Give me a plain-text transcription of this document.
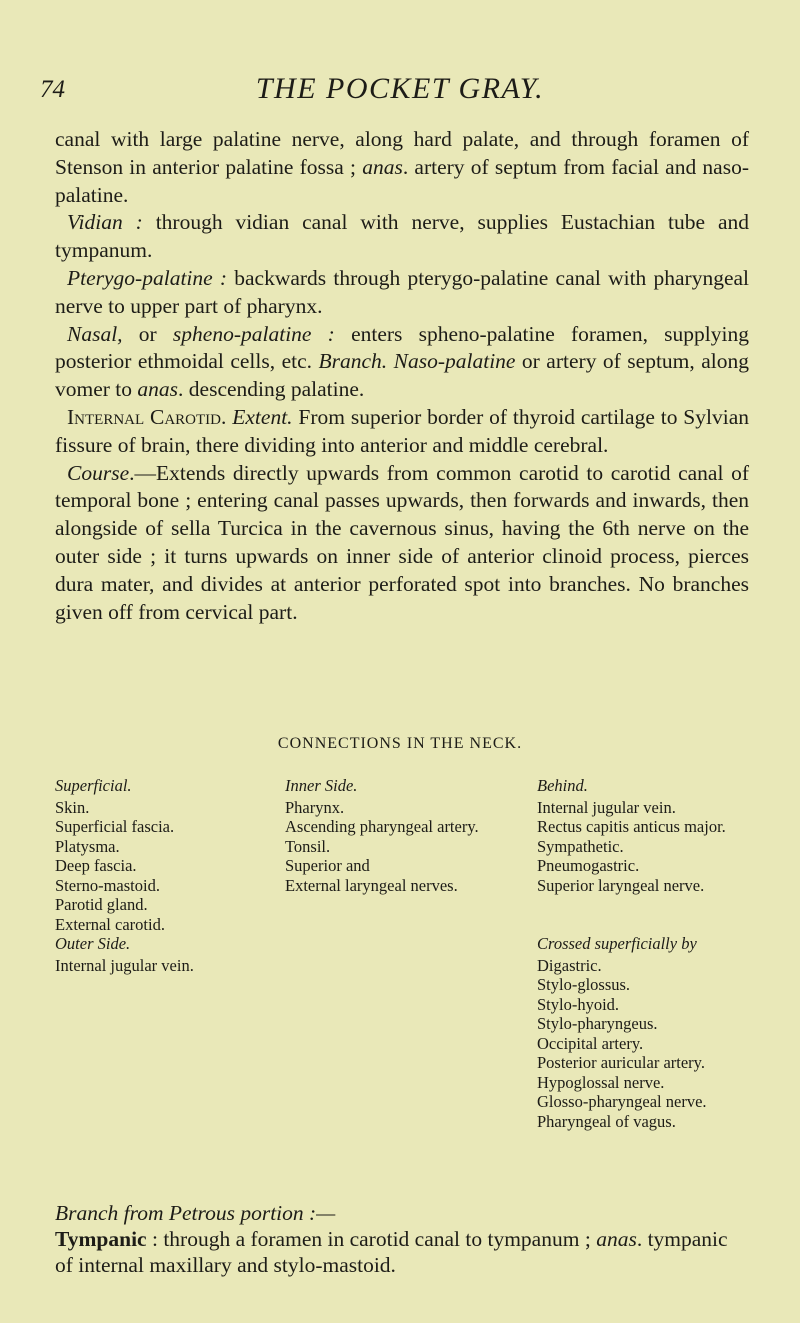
74	THE POCKET GRAY.

canal with large palatine nerve, along hard palate, and through foramen of Stenson in anterior palatine fossa ; anas. artery of septum from facial and naso-palatine.

Vidian : through vidian canal with nerve, supplies Eustachian tube and tympanum.

Pterygo-palatine : backwards through pterygo-palatine canal with pharyngeal nerve to upper part of pharynx.

Nasal, or spheno-palatine : enters spheno-palatine foramen, supplying posterior ethmoidal cells, etc. Branch. Naso-palatine or artery of septum, along vomer to anas. descending palatine.

Internal Carotid. Extent. From superior border of thyroid cartilage to Sylvian fissure of brain, there dividing into anterior and middle cerebral.

Course.—Extends directly upwards from common carotid to carotid canal of temporal bone ; entering canal passes upwards, then forwards and inwards, then alongside of sella Turcica in the cavernous sinus, having the 6th nerve on the outer side ; it turns upwards on inner side of anterior clinoid process, pierces dura mater, and divides at anterior perforated spot into branches. No branches given off from cervical part.

CONNECTIONS IN THE NECK.
Superficial.
Skin.
Superficial fascia.
Platysma.
Deep fascia.
Sterno-mastoid.
Parotid gland.
External carotid.
Outer Side.
Internal jugular vein.
Inner Side.
Pharynx.
Ascending pharyngeal artery.
Tonsil.
Superior and
External laryngeal nerves.
Behind.
Internal jugular vein.
Rectus capitis anticus major.
Sympathetic.
Pneumogastric.
Superior laryngeal nerve.
Crossed superficially by
Digastric.
Stylo-glossus.
Stylo-hyoid.
Stylo-pharyngeus.
Occipital artery.
Posterior auricular artery.
Hypoglossal nerve.
Glosso-pharyngeal nerve.
Pharyngeal of vagus.

Branch from Petrous portion :—

Tympanic : through a foramen in carotid canal to tympanum ; anas. tympanic of internal maxillary and stylo-mastoid.
